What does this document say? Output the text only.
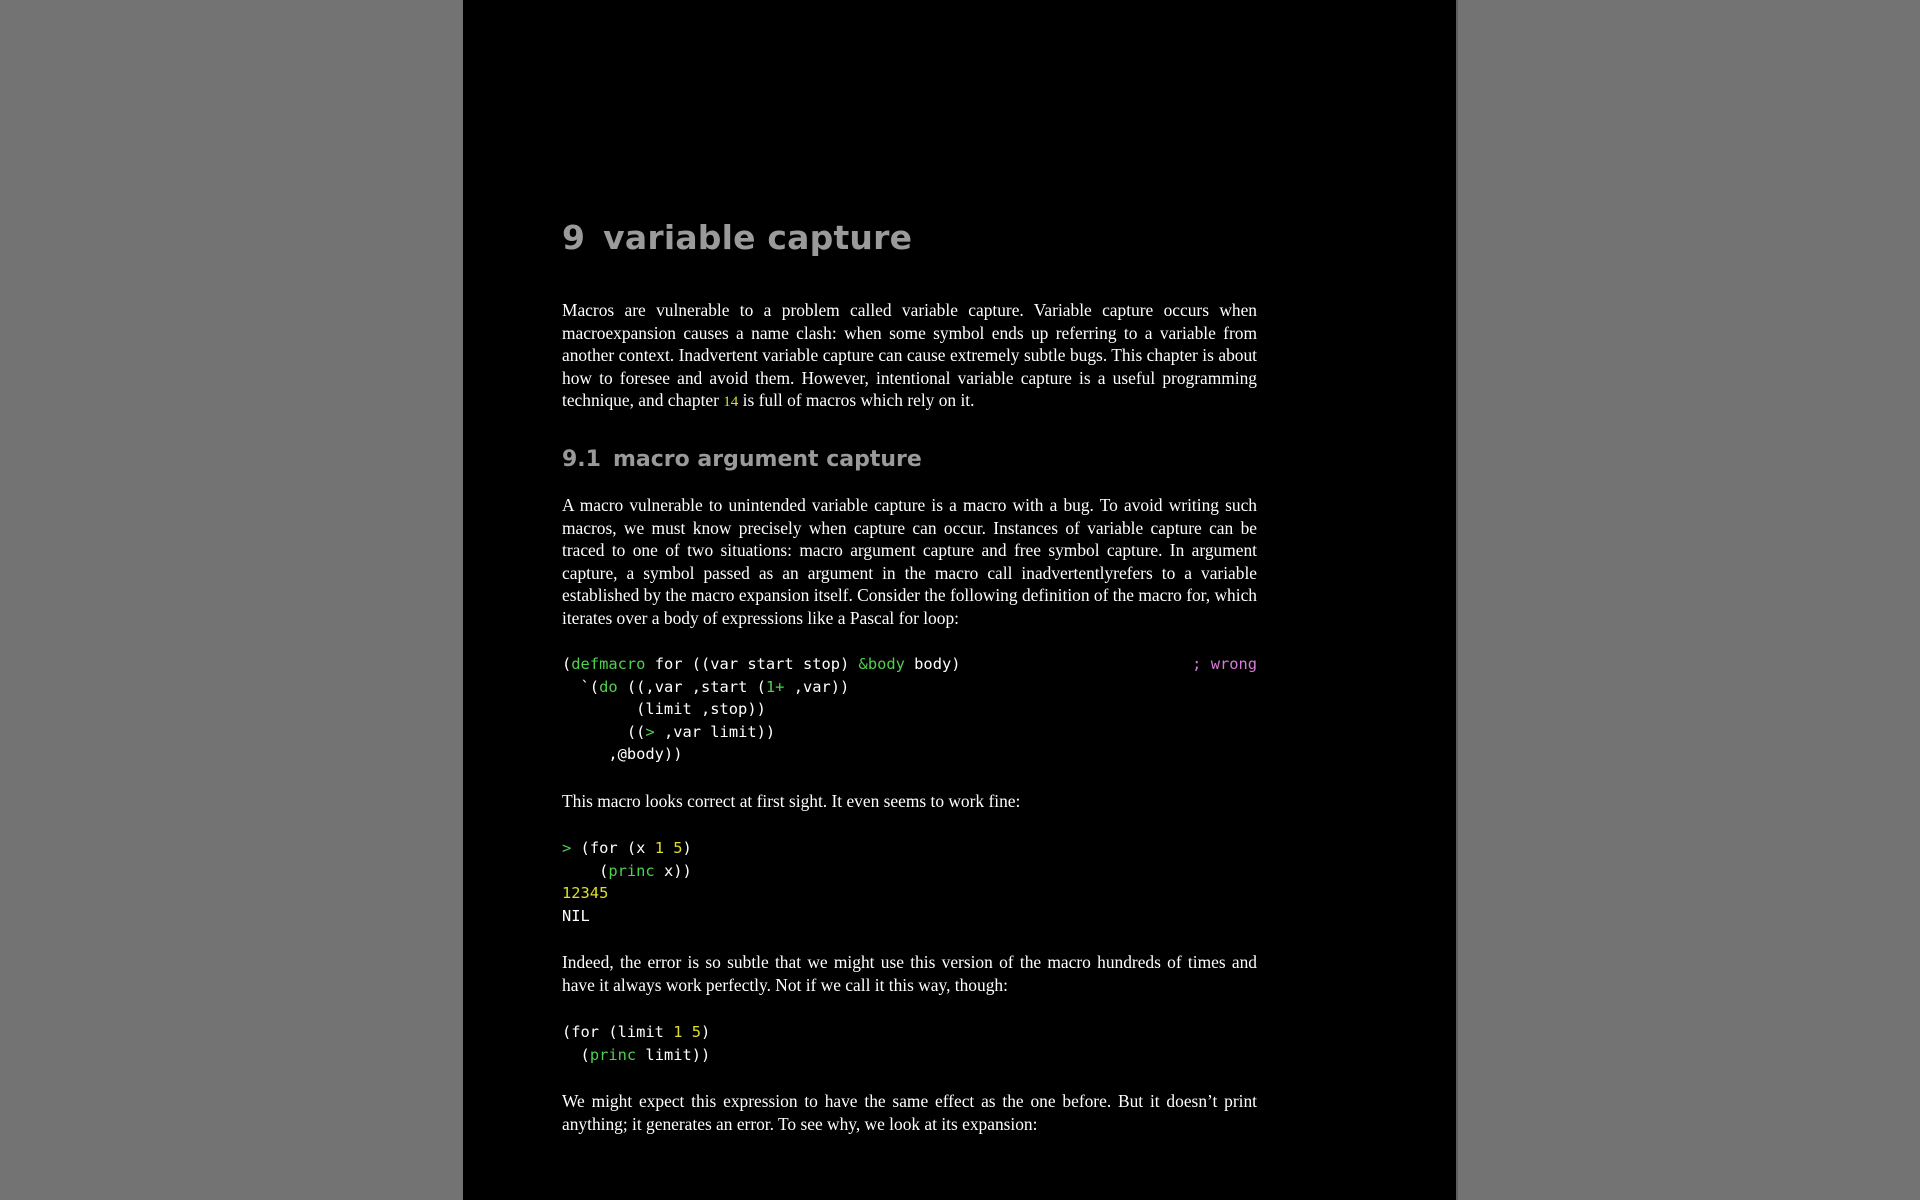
9 variable capture

Macros are vulnerable to a problem called variable capture. Variable capture occurs when macroexpansion causes a name clash: when some symbol ends up referring to a variable from another context. Inadvertent variable capture can cause extremely subtle bugs. This chapter is about how to foresee and avoid them. However, intentional variable capture is a useful programming technique, and chapter 14 is full of macros which rely on it.

9.1 macro argument capture

A macro vulnerable to unintended variable capture is a macro with a bug. To avoid writing such macros, we must know precisely when capture can occur. Instances of variable capture can be traced to one of two situations: macro argument capture and free symbol capture. In argument capture, a symbol passed as an argument in the macro call inadvertentlyrefers to a variable established by the macro expansion itself. Consider the following definition of the macro for, which iterates over a body of expressions like a Pascal for loop:

(defmacro for ((var start stop) &body body)	; wrong
`(do ((,var ,start (1+ ,var))
(limit ,stop))
((> ,var limit))
,@body))

This macro looks correct at first sight. It even seems to work fine:

> (for (x 1 5)
(princ x))
12345
NIL

Indeed, the error is so subtle that we might use this version of the macro hundreds of times and have it always work perfectly. Not if we call it this way, though:

(for (limit 1 5)
(princ limit))

We might expect this expression to have the same effect as the one before. But it doesn’t print anything; it generates an error. To see why, we look at its expansion:
